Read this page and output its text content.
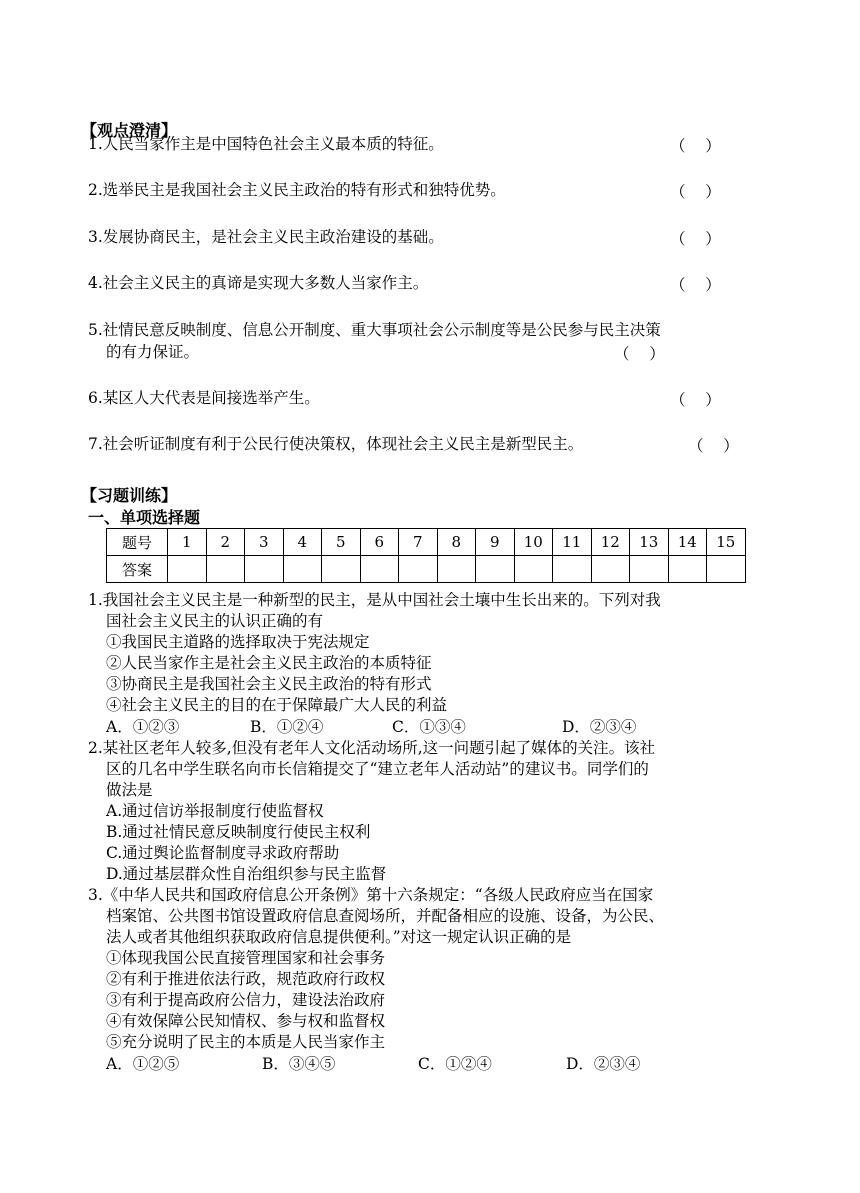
【观点澄清】
1.人民当家作主是中国特色社会主义最本质的特征。	（    ）
2.选举民主是我国社会主义民主政治的特有形式和独特优势。	（    ）
3.发展协商民主，是社会主义民主政治建设的基础。	（    ）
4.社会主义民主的真谛是实现大多数人当家作主。	（    ）
5.社情民意反映制度、信息公开制度、重大事项社会公示制度等是公民参与民主决策
的有力保证。	（    ）
6.某区人大代表是间接选举产生。	（    ）
7.社会听证制度有利于公民行使决策权，体现社会主义民主是新型民主。	（    ）
【习题训练】
一、单项选择题
题号	1	2	3	4	5	6	7	8	9	10	11	12	13	14	15
答案															
1.我国社会主义民主是一种新型的民主，是从中国社会土壤中生长出来的。下列对我
国社会主义民主的认识正确的有
①我国民主道路的选择取决于宪法规定
②人民当家作主是社会主义民主政治的本质特征
③协商民主是我国社会主义民主政治的特有形式
④社会主义民主的目的在于保障最广大人民的利益
A．①②③	B．①②④	C．①③④	D．②③④
2.某社区老年人较多,但没有老年人文化活动场所,这一问题引起了媒体的关注。该社
区的几名中学生联名向市长信箱提交了“建立老年人活动站”的建议书。同学们的
做法是
A.通过信访举报制度行使监督权
B.通过社情民意反映制度行使民主权利
C.通过舆论监督制度寻求政府帮助
D.通过基层群众性自治组织参与民主监督
3.《中华人民共和国政府信息公开条例》第十六条规定：“各级人民政府应当在国家
档案馆、公共图书馆设置政府信息查阅场所，并配备相应的设施、设备，为公民、
法人或者其他组织获取政府信息提供便利。”对这一规定认识正确的是
①体现我国公民直接管理国家和社会事务
②有利于推进依法行政，规范政府行政权
③有利于提高政府公信力，建设法治政府
④有效保障公民知情权、参与权和监督权
⑤充分说明了民主的本质是人民当家作主
A．①②⑤	B．③④⑤	C．①②④	D．②③④
